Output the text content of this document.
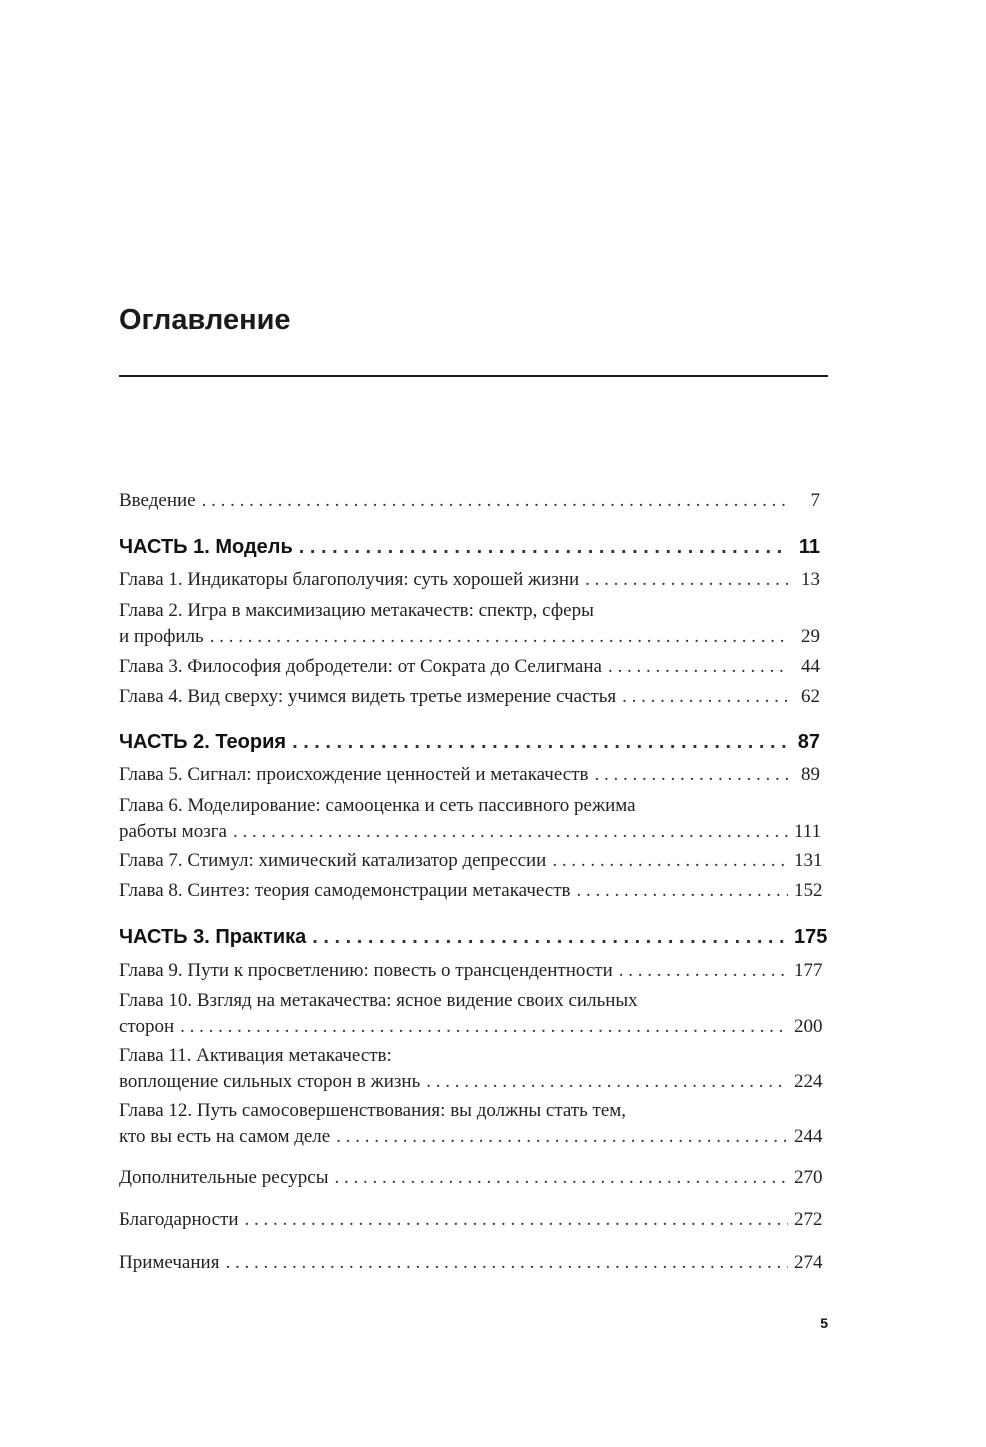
Оглавление
Введение . . .	7
ЧАСТЬ 1. Модель . . .	11
Глава 1. Индикаторы благополучия: суть хорошей жизни . . .	13
Глава 2. Игра в максимизацию метакачеств: спектр, сферы
и профиль . . .	29
Глава 3. Философия добродетели: от Сократа до Селигмана . . .	44
Глава 4. Вид сверху: учимся видеть третье измерение счастья . . .	62
ЧАСТЬ 2. Теория . . .	87
Глава 5. Сигнал: происхождение ценностей и метакачеств . . .	89
Глава 6. Моделирование: самооценка и сеть пассивного режима
работы мозга . . .	111
Глава 7. Стимул: химический катализатор депрессии . . .	131
Глава 8. Синтез: теория самодемонстрации метакачеств . . .	152
ЧАСТЬ 3. Практика . . .	175
Глава 9. Пути к просветлению: повесть о трансцендентности . . .	177
Глава 10. Взгляд на метакачества: ясное видение своих сильных
сторон . . .	200
Глава 11. Активация метакачеств:
воплощение сильных сторон в жизнь . . .	224
Глава 12. Путь самосовершенствования: вы должны стать тем,
кто вы есть на самом деле . . .	244
Дополнительные ресурсы . . .	270
Благодарности . . .	272
Примечания . . .	274
5
